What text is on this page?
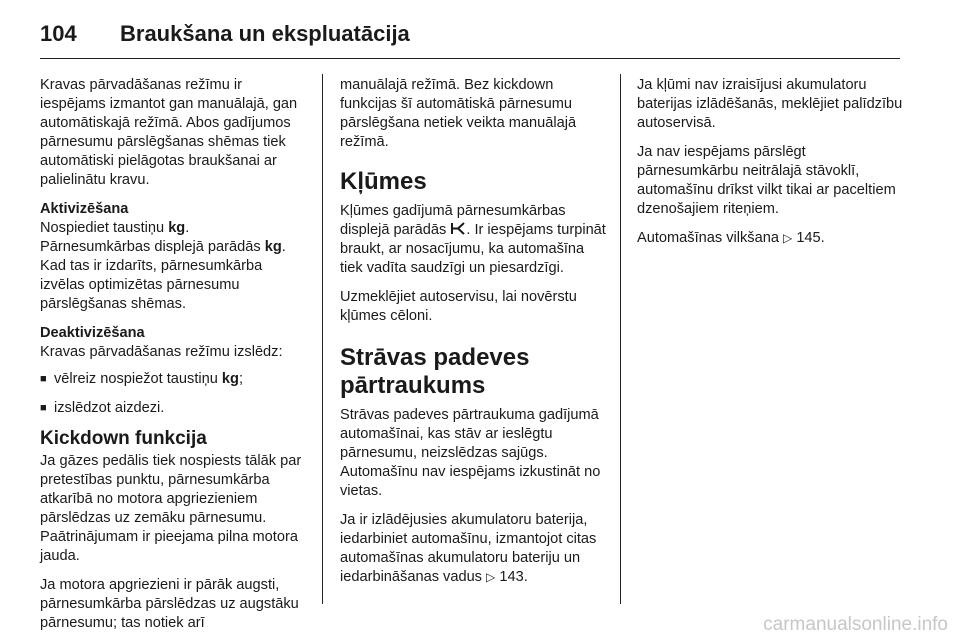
104	Braukšana un ekspluatācija

Kravas pārvadāšanas režīmu ir iespējams izmantot gan manuālajā, gan automātiskajā režīmā. Abos gadījumos pārnesumu pārslēgšanas shēmas tiek automātiski pielāgotas braukšanai ar palielinātu kravu.

Aktivizēšana
Nospiediet taustiņu kg.

Pārnesumkārbas displejā parādās kg. Kad tas ir izdarīts, pārnesumkārba izvēlas optimizētas pārnesumu pārslēgšanas shēmas.

Deaktivizēšana

Kravas pārvadāšanas režīmu izslēdz:

■ vēlreiz nospiežot taustiņu kg;
■ izslēdzot aizdezi.
Kickdown funkcija

Ja gāzes pedālis tiek nospiests tālāk par pretestības punktu, pārnesumkārba atkarībā no motora apgriezieniem pārslēdzas uz zemāku pārnesumu. Paātrinājumam ir pieejama pilna motora jauda.

Ja motora apgriezieni ir pārāk augsti, pārnesumkārba pārslēdzas uz augstāku pārnesumu; tas notiek arī

manuālajā režīmā. Bez kickdown funkcijas šī automātiskā pārnesumu pārslēgšana netiek veikta manuālajā režīmā.

Kļūmes

Kļūmes gadījumā pārnesumkārbas displejā parādās . Ir iespējams turpināt braukt, ar nosacījumu, ka automašīna tiek vadīta saudzīgi un piesardzīgi.

Uzmeklējiet autoservisu, lai novērstu kļūmes cēloni.

Strāvas padeves pārtraukums

Strāvas padeves pārtraukuma gadījumā automašīnai, kas stāv ar ieslēgtu pārnesumu, neizslēdzas sajūgs. Automašīnu nav iespējams izkustināt no vietas.

Ja ir izlādējusies akumulatoru baterija, iedarbiniet automašīnu, izmantojot citas automašīnas akumulatoru bateriju un iedarbināšanas vadus ▷ 143.

Ja kļūmi nav izraisījusi akumulatoru baterijas izlādēšanās, meklējiet palīdzību autoservisā.

Ja nav iespējams pārslēgt pārnesumkārbu neitrālajā stāvoklī, automašīnu drīkst vilkt tikai ar paceltiem dzenošajiem riteņiem.

Automašīnas vilkšana ▷ 145.

carmanualsonline.info
